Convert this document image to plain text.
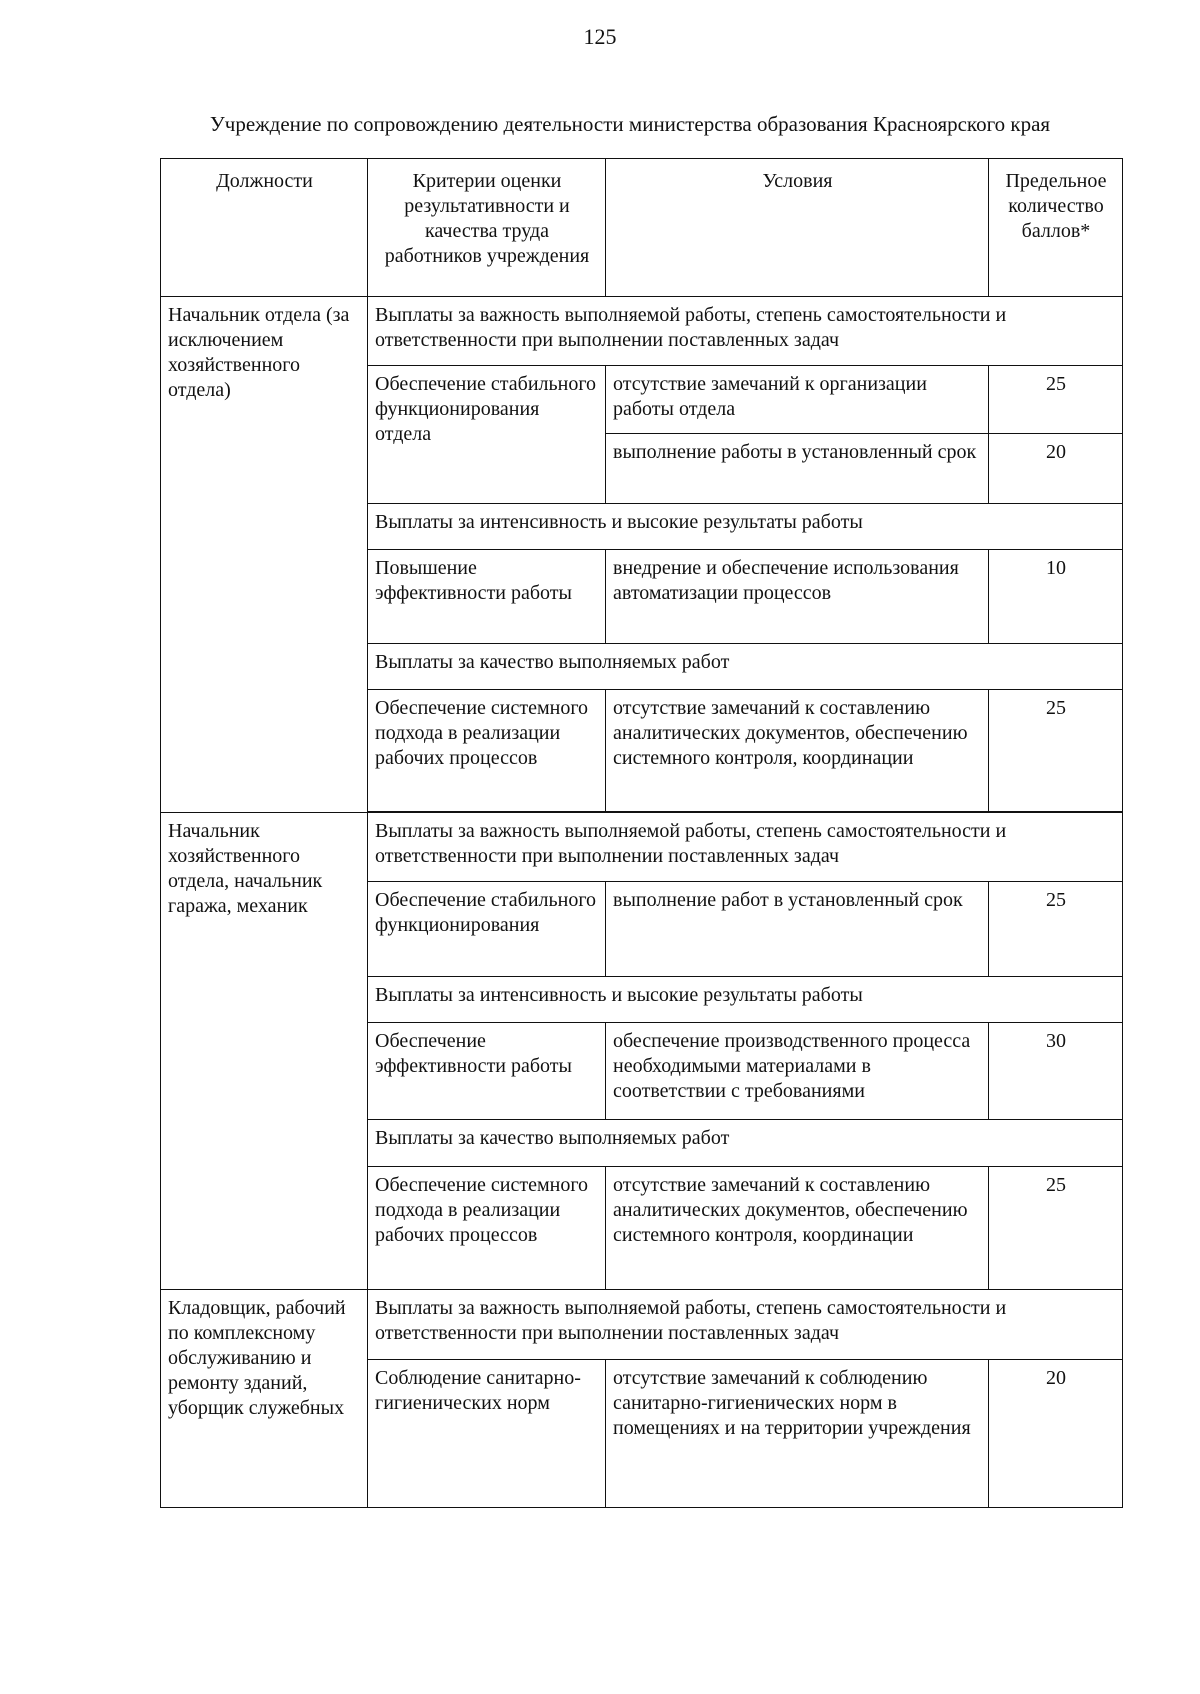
125
Учреждение по сопровождению деятельности министерства образования Красноярского края
Должности	Критерии оценки результативности и качества труда работников учреждения	Условия	Предельное количество баллов*
Начальник отдела (за исключением хозяйственного отдела)	Выплаты за важность выполняемой работы, степень самостоятельности и ответственности при выполнении поставленных задач		
	Обеспечение стабильного функционирования отдела	отсутствие замечаний к организации работы отдела	25
		выполнение работы в установленный срок	20
	Выплаты за интенсивность и высокие результаты работы		
	Повышение эффективности работы	внедрение и обеспечение использования автоматизации процессов	10
	Выплаты за качество выполняемых работ		
	Обеспечение системного подхода в реализации рабочих процессов	отсутствие замечаний к составлению аналитических документов, обеспечению системного контроля, координации	25

Начальник хозяйственного отдела, начальник гаража, механик	Выплаты за важность выполняемой работы, степень самостоятельности и ответственности при выполнении поставленных задач		
	Обеспечение стабильного функционирования	выполнение работ в установленный срок	25
	Выплаты за интенсивность и высокие результаты работы		
	Обеспечение эффективности работы	обеспечение производственного процесса необходимыми материалами в соответствии с требованиями	30
	Выплаты за качество выполняемых работ		
	Обеспечение системного подхода в реализации рабочих процессов	отсутствие замечаний к составлению аналитических документов, обеспечению системного контроля, координации	25
Кладовщик, рабочий по комплексному обслуживанию и ремонту зданий, уборщик служебных	Выплаты за важность выполняемой работы, степень самостоятельности и ответственности при выполнении поставленных задач		
	Соблюдение санитарно-гигиенических норм	отсутствие замечаний к соблюдению санитарно-гигиенических норм в помещениях и на территории учреждения	20
